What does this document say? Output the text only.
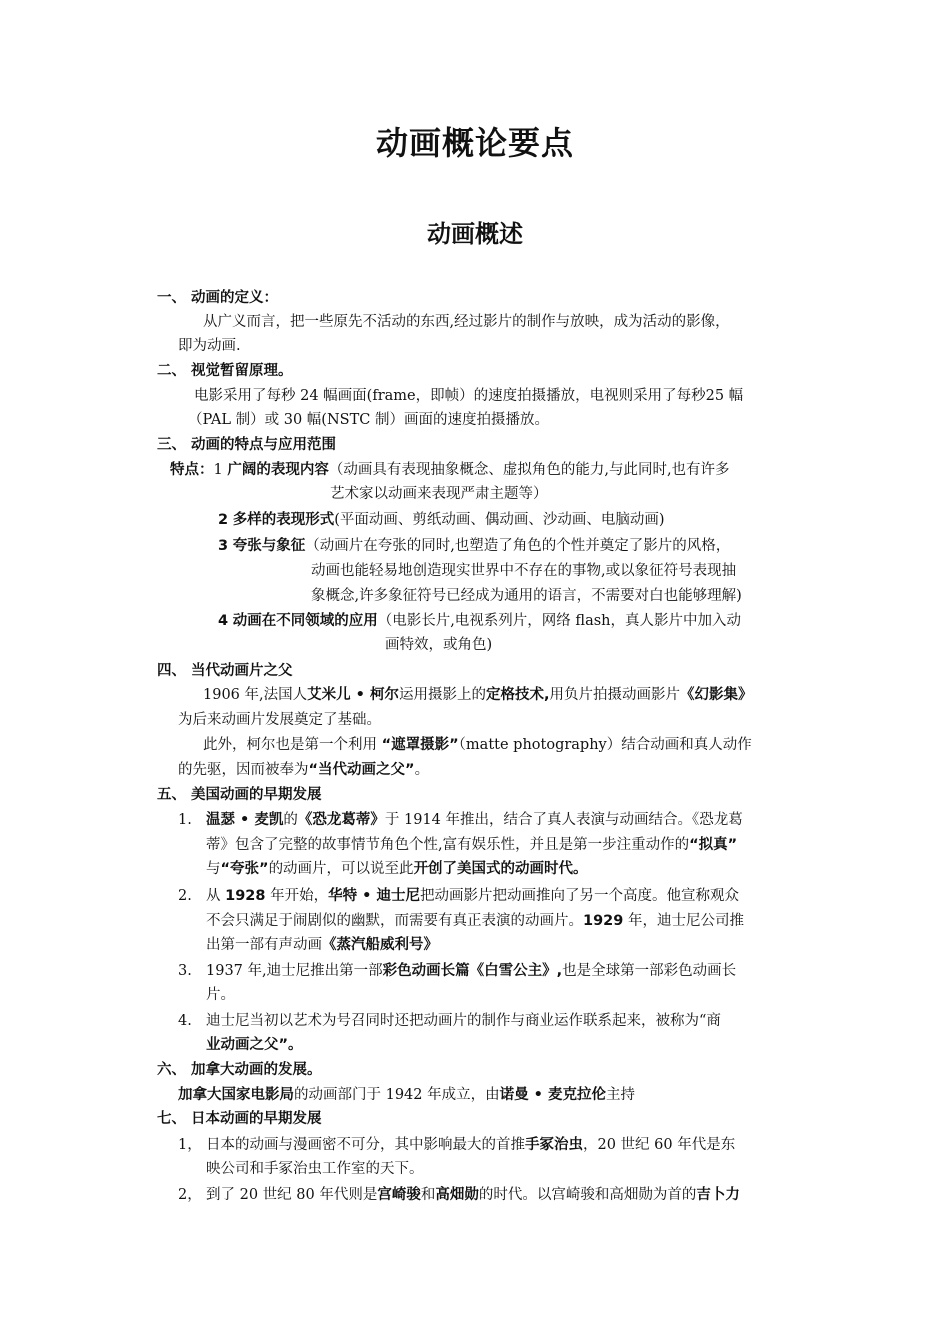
动画概论要点
动画概述
一、 动画的定义：
从广义而言，把一些原先不活动的东西,经过影片的制作与放映，成为活动的影像，
即为动画.
二、 视觉暂留原理。
电影采用了每秒 24 幅画面(frame，即帧）的速度拍摄播放，电视则采用了每秒25 幅
（PAL 制）或 30 幅(NSTC 制）画面的速度拍摄播放。
三、 动画的特点与应用范围
特点：1 广阔的表现内容（动画具有表现抽象概念、虚拟角色的能力,与此同时,也有许多
艺术家以动画来表现严肃主题等）
2 多样的表现形式(平面动画、剪纸动画、偶动画、沙动画、电脑动画)
3 夸张与象征（动画片在夸张的同时,也塑造了角色的个性并奠定了影片的风格，
动画也能轻易地创造现实世界中不存在的事物,或以象征符号表现抽
象概念,许多象征符号已经成为通用的语言，不需要对白也能够理解)
4 动画在不同领域的应用（电影长片,电视系列片，网络 flash，真人影片中加入动
画特效，或角色)
四、 当代动画片之父
1906 年,法国人艾米儿 • 柯尔运用摄影上的定格技术,用负片拍摄动画影片《幻影集》
为后来动画片发展奠定了基础。
此外，柯尔也是第一个利用 “遮罩摄影”（matte photography）结合动画和真人动作
的先驱，因而被奉为“当代动画之父”。
五、 美国动画的早期发展
1. 温瑟 • 麦凯的《恐龙葛蒂》于 1914 年推出，结合了真人表演与动画结合。《恐龙葛
蒂》包含了完整的故事情节角色个性,富有娱乐性，并且是第一步注重动作的“拟真”
与“夸张”的动画片，可以说至此开创了美国式的动画时代。
2. 从 1928 年开始，华特 • 迪士尼把动画影片把动画推向了另一个高度。他宣称观众
不会只满足于闹剧似的幽默，而需要有真正表演的动画片。1929 年，迪士尼公司推
出第一部有声动画《蒸汽船威利号》
3. 1937 年,迪士尼推出第一部彩色动画长篇《白雪公主》,也是全球第一部彩色动画长
片。
4. 迪士尼当初以艺术为号召同时还把动画片的制作与商业运作联系起来，被称为“商
业动画之父”。
六、 加拿大动画的发展。
加拿大国家电影局的动画部门于 1942 年成立，由诺曼 • 麦克拉伦主持
七、 日本动画的早期发展
1， 日本的动画与漫画密不可分，其中影响最大的首推手冢治虫，20 世纪 60 年代是东
映公司和手冢治虫工作室的天下。
2， 到了 20 世纪 80 年代则是宫崎骏和高畑勋的时代。以宫崎骏和高畑勋为首的吉卜力
